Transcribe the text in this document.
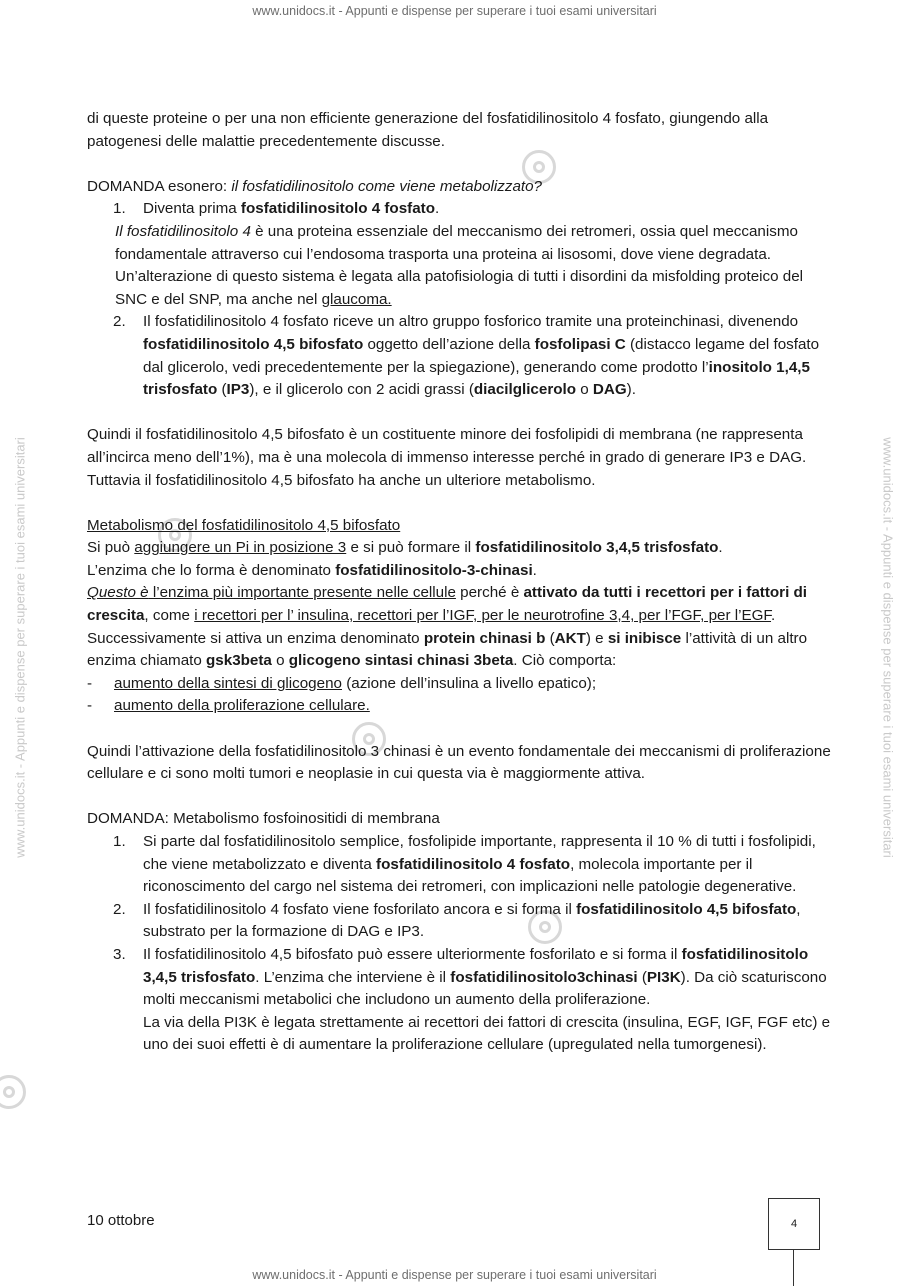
www.unidocs.it - Appunti e dispense per superare i tuoi esami universitari
www.unidocs.it - Appunti e dispense per superare i tuoi esami universitari
www.unidocs.it - Appunti e dispense per superare i tuoi esami universitari	www.unidocs.it - Appunti e dispense per superare i tuoi esami universitari

di queste proteine o per una non efficiente generazione del fosfatidilinositolo 4 fosfato, giungendo alla patogenesi delle malattie precedentemente discusse.

DOMANDA esonero: il fosfatidilinositolo come viene metabolizzato?

1. Diventa prima fosfatidilinositolo 4 fosfato.

Il fosfatidilinositolo 4 è una proteina essenziale del meccanismo dei retromeri, ossia quel meccanismo fondamentale attraverso cui l’endosoma trasporta una proteina ai lisosomi, dove viene degradata. Un’alterazione di questo sistema è legata alla patofisiologia di tutti i disordini da misfolding proteico del SNC e del SNP, ma anche nel glaucoma.

2. Il fosfatidilinositolo 4 fosfato riceve un altro gruppo fosforico tramite una proteinchinasi, divenendo fosfatidilinositolo 4,5 bifosfato oggetto dell’azione della fosfolipasi C (distacco legame del fosfato dal glicerolo, vedi precedentemente per la spiegazione), generando come prodotto l’inositolo 1,4,5 trisfosfato (IP3), e il glicerolo con 2 acidi grassi (diacilglicerolo o DAG).

Quindi il fosfatidilinositolo 4,5 bifosfato è un costituente minore dei fosfolipidi di membrana (ne rappresenta all’incirca meno dell’1%), ma è una molecola di immenso interesse perché in grado di generare IP3 e DAG. Tuttavia il fosfatidilinositolo 4,5 bifosfato ha anche un ulteriore metabolismo.

Metabolismo del fosfatidilinositolo 4,5 bifosfato

Si può aggiungere un Pi in posizione 3 e si può formare il fosfatidilinositolo 3,4,5 trisfosfato.

L’enzima che lo forma è denominato fosfatidilinositolo-3-chinasi.

Questo è l’enzima più importante presente nelle cellule perché è attivato da tutti i recettori per i fattori di crescita, come i recettori per l’ insulina, recettori per l’IGF, per le neurotrofine 3,4, per l’FGF, per l’EGF.

Successivamente si attiva un enzima denominato protein chinasi b (AKT) e si inibisce l’attività di un altro enzima chiamato gsk3beta o glicogeno sintasi chinasi 3beta. Ciò comporta:

- aumento della sintesi di glicogeno (azione dell’insulina a livello epatico);
- aumento della proliferazione cellulare.

Quindi l’attivazione della fosfatidilinositolo 3 chinasi è un evento fondamentale dei meccanismi di proliferazione cellulare e ci sono molti tumori e neoplasie in cui questa via è maggiormente attiva.

DOMANDA: Metabolismo fosfoinositidi di membrana

1. Si parte dal fosfatidilinositolo semplice, fosfolipide importante, rappresenta il 10 % di tutti i fosfolipidi, che viene metabolizzato e diventa fosfatidilinositolo 4 fosfato, molecola importante per il riconoscimento del cargo nel sistema dei retromeri, con implicazioni nelle patologie degenerative.
2. Il fosfatidilinositolo 4 fosfato viene fosforilato ancora e si forma il fosfatidilinositolo 4,5 bifosfato, substrato per la formazione di DAG e IP3.
3. Il fosfatidilinositolo 4,5 bifosfato può essere ulteriormente fosforilato e si forma il fosfatidilinositolo 3,4,5 trisfosfato. L’enzima che interviene è il fosfatidilinositolo3chinasi (PI3K). Da ciò scaturiscono molti meccanismi metabolici che includono un aumento della proliferazione.
La via della PI3K è legata strettamente ai recettori dei fattori di crescita (insulina, EGF, IGF, FGF etc) e uno dei suoi effetti è di aumentare la proliferazione cellulare (upregulated nella tumorgenesi).
10 ottobre	4
